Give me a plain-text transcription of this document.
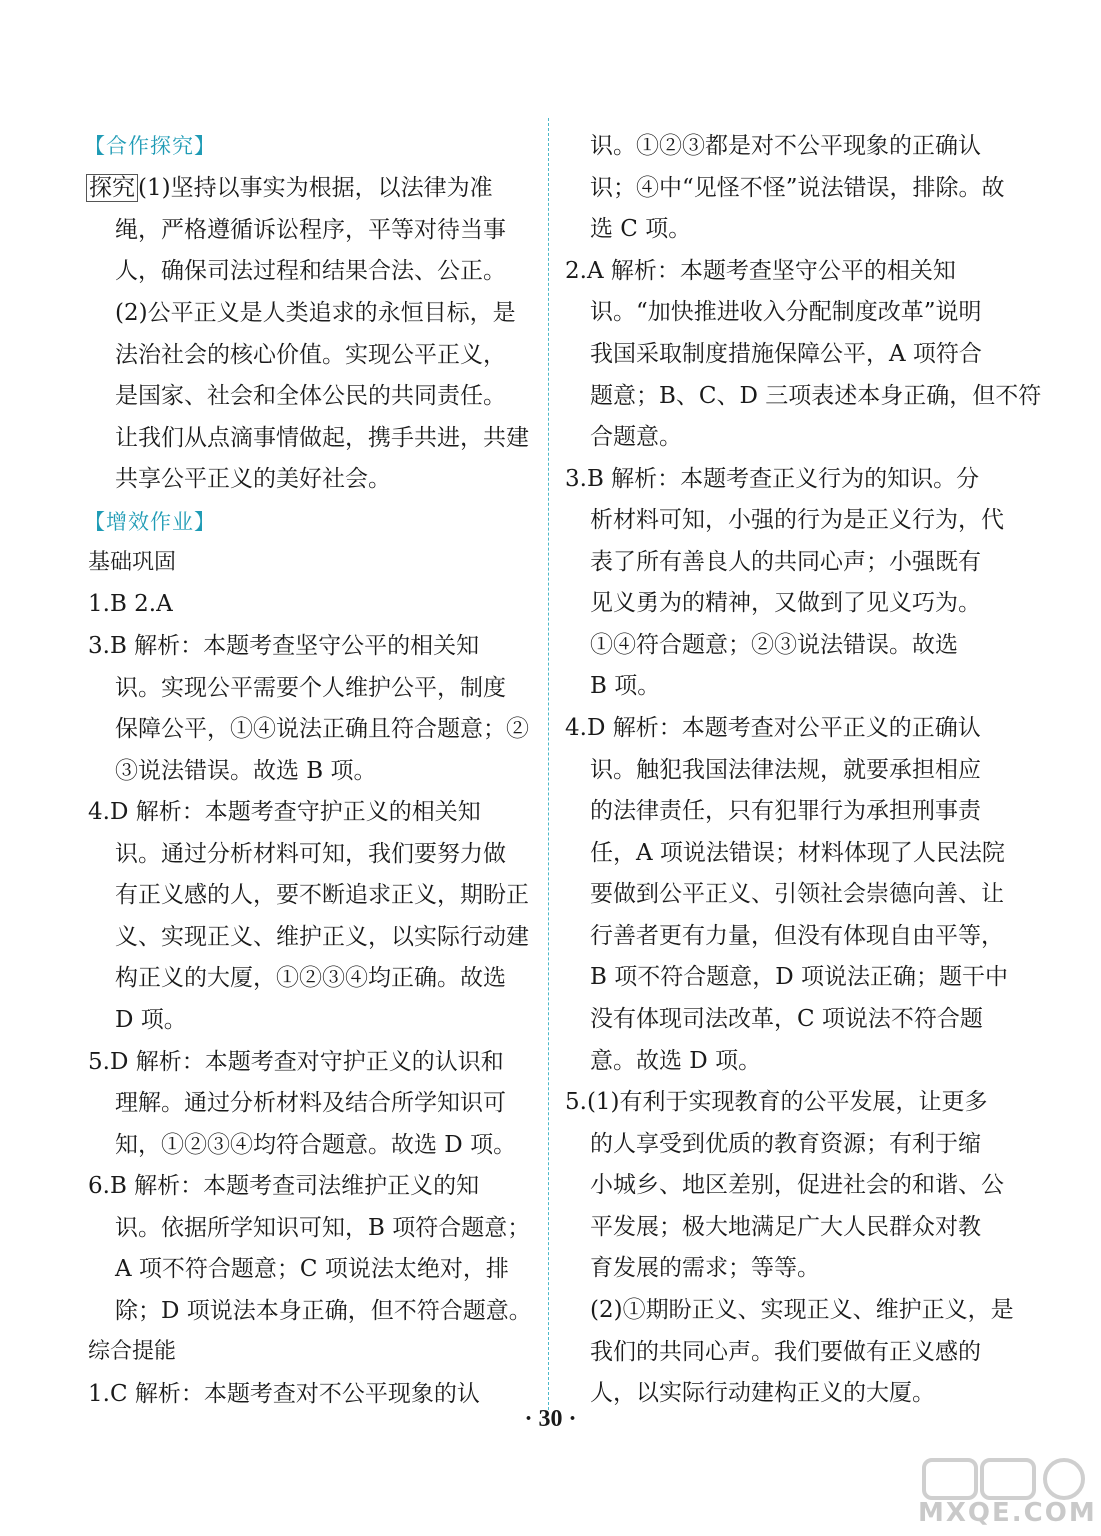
【合作探究】
探究 (1)坚持以事实为根据，以法律为准
绳，严格遵循诉讼程序，平等对待当事
人，确保司法过程和结果合法、公正。
(2)公平正义是人类追求的永恒目标，是
法治社会的核心价值。实现公平正义，
是国家、社会和全体公民的共同责任。
让我们从点滴事情做起，携手共进，共建
共享公平正义的美好社会。
【增效作业】
基础巩固
1.B 2.A
3.B 解析：本题考查坚守公平的相关知
识。实现公平需要个人维护公平，制度
保障公平，①④说法正确且符合题意；②
③说法错误。故选 B 项。
4.D 解析：本题考查守护正义的相关知
识。通过分析材料可知，我们要努力做
有正义感的人，要不断追求正义，期盼正
义、实现正义、维护正义，以实际行动建
构正义的大厦，①②③④均正确。故选
D 项。
5.D 解析：本题考查对守护正义的认识和
理解。通过分析材料及结合所学知识可
知，①②③④均符合题意。故选 D 项。
6.B 解析：本题考查司法维护正义的知
识。依据所学知识可知，B 项符合题意；
A 项不符合题意；C 项说法太绝对，排
除；D 项说法本身正确，但不符合题意。
综合提能
1.C 解析：本题考查对不公平现象的认
识。①②③都是对不公平现象的正确认
识；④中“见怪不怪”说法错误，排除。故
选 C 项。
2.A 解析：本题考查坚守公平的相关知
识。“加快推进收入分配制度改革”说明
我国采取制度措施保障公平，A 项符合
题意；B、C、D 三项表述本身正确，但不符
合题意。
3.B 解析：本题考查正义行为的知识。分
析材料可知，小强的行为是正义行为，代
表了所有善良人的共同心声；小强既有
见义勇为的精神，又做到了见义巧为。
①④符合题意；②③说法错误。故选
B 项。
4.D 解析：本题考查对公平正义的正确认
识。触犯我国法律法规，就要承担相应
的法律责任，只有犯罪行为承担刑事责
任，A 项说法错误；材料体现了人民法院
要做到公平正义、引领社会崇德向善、让
行善者更有力量，但没有体现自由平等，
B 项不符合题意，D 项说法正确；题干中
没有体现司法改革，C 项说法不符合题
意。故选 D 项。
5.(1)有利于实现教育的公平发展，让更多
的人享受到优质的教育资源；有利于缩
小城乡、地区差别，促进社会的和谐、公
平发展；极大地满足广大人民群众对教
育发展的需求；等等。
(2)①期盼正义、实现正义、维护正义，是
我们的共同心声。我们要做有正义感的
人，以实际行动建构正义的大厦。
· 30 ·
MXQE.COM
